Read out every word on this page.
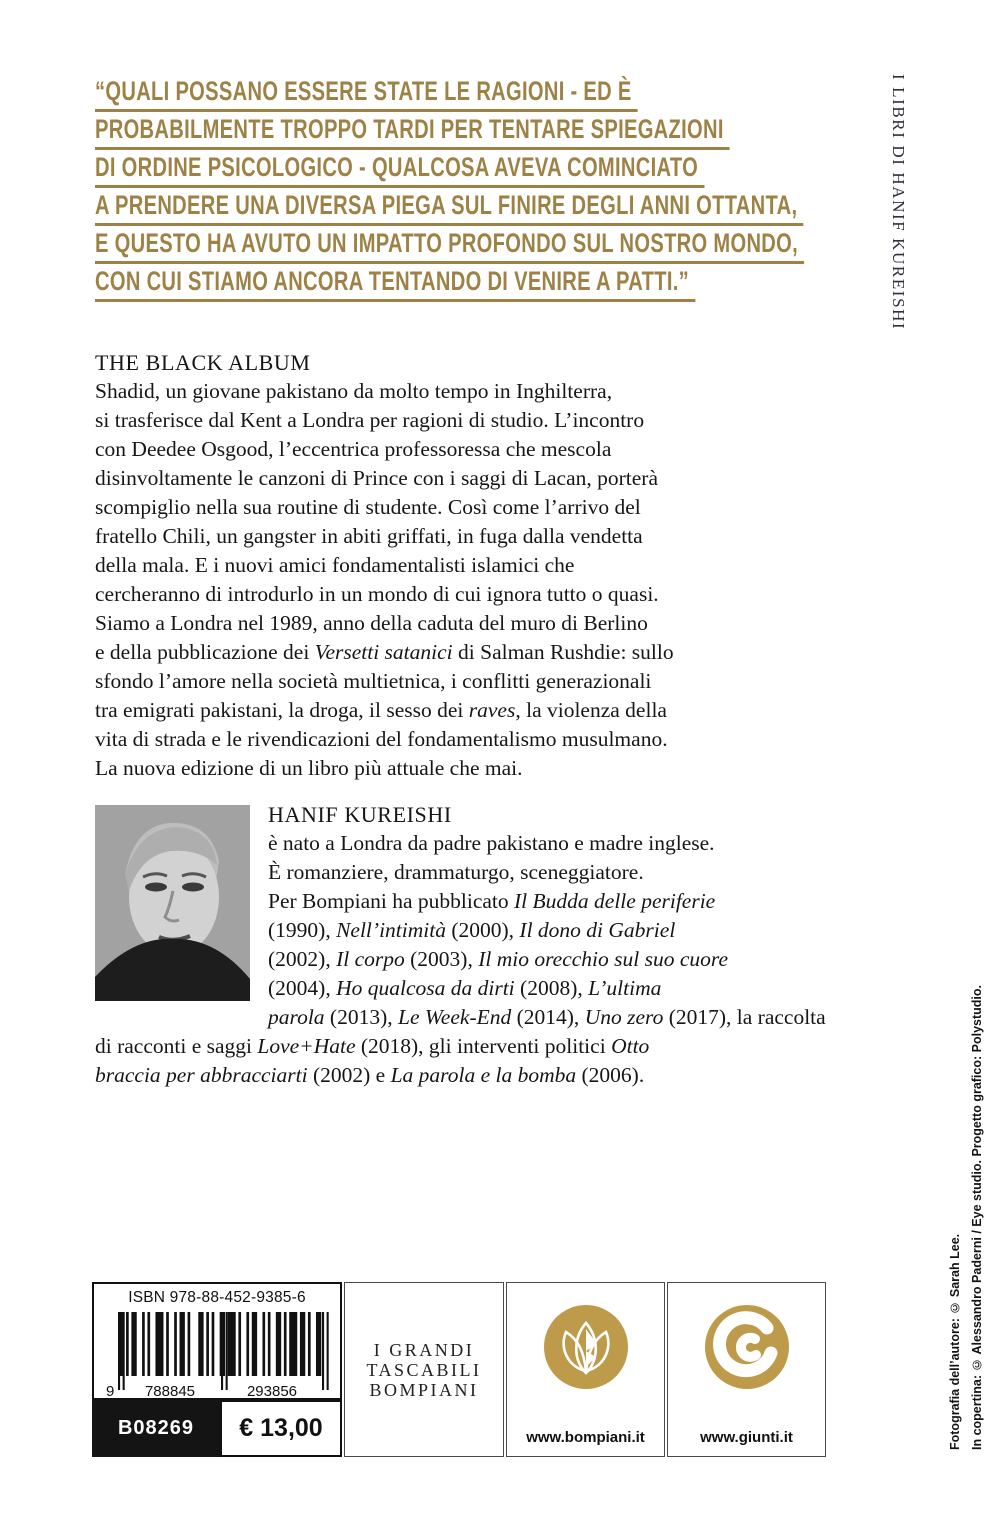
“QUALI POSSANO ESSERE STATE LE RAGIONI - ED È
PROBABILMENTE TROPPO TARDI PER TENTARE SPIEGAZIONI
DI ORDINE PSICOLOGICO - QUALCOSA AVEVA COMINCIATO
A PRENDERE UNA DIVERSA PIEGA SUL FINIRE DEGLI ANNI OTTANTA,
E QUESTO HA AVUTO UN IMPATTO PROFONDO SUL NOSTRO MONDO,
CON CUI STIAMO ANCORA TENTANDO DI VENIRE A PATTI.”	I LIBRI DI HANIF KUREISHI
THE BLACK ALBUM
Shadid, un giovane pakistano da molto tempo in Inghilterra,
si trasferisce dal Kent a Londra per ragioni di studio. L’incontro
con Deedee Osgood, l’eccentrica professoressa che mescola
disinvoltamente le canzoni di Prince con i saggi di Lacan, porterà
scompiglio nella sua routine di studente. Così come l’arrivo del
fratello Chili, un gangster in abiti griffati, in fuga dalla vendetta
della mala. E i nuovi amici fondamentalisti islamici che
cercheranno di introdurlo in un mondo di cui ignora tutto o quasi.
Siamo a Londra nel 1989, anno della caduta del muro di Berlino
e della pubblicazione dei Versetti satanici di Salman Rushdie: sullo
sfondo l’amore nella società multietnica, i conflitti generazionali
tra emigrati pakistani, la droga, il sesso dei raves, la violenza della
vita di strada e le rivendicazioni del fondamentalismo musulmano.
La nuova edizione di un libro più attuale che mai.
HANIF KUREISHI
è nato a Londra da padre pakistano e madre inglese.
È romanziere, drammaturgo, sceneggiatore.
Per Bompiani ha pubblicato Il Budda delle periferie
(1990), Nell’intimità (2000), Il dono di Gabriel
(2002), Il corpo (2003), Il mio orecchio sul suo cuore
(2004), Ho qualcosa da dirti (2008), L’ultima
parola (2013), Le Week-End (2014), Uno zero (2017), la raccolta
di racconti e saggi Love+Hate (2018), gli interventi politici Otto
braccia per abbracciarti (2002) e La parola e la bomba (2006).
Fotografia dell’autore: © Sarah Lee. In copertina: © Alessandro Paderni / Eye studio. Progetto grafico: Polystudio.
ISBN 978-88-452-9385-6
9 788845	293856
B08269 € 13,00
I GRANDI
TASCABILI
BOMPIANI
www.bompiani.it	www.giunti.it
